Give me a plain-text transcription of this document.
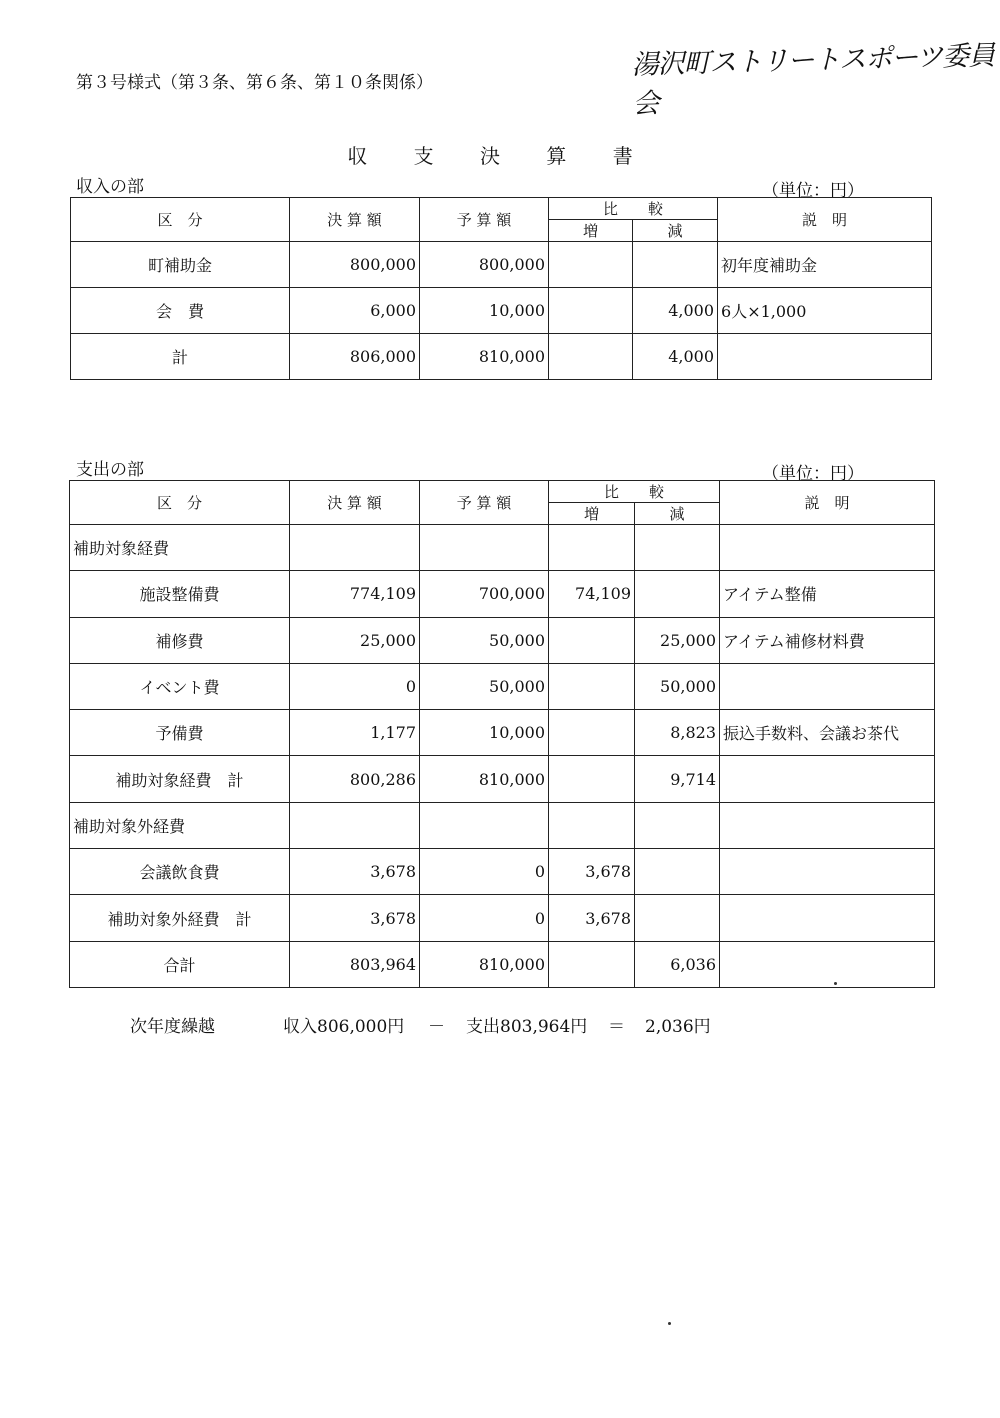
第３号様式（第３条、第６条、第１０条関係）
湯沢町ストリートスポーツ委員会
収 支 決 算 書
収入の部	（単位：円）
区　分	決 算 額	予 算 額	比　　較		説　明
			増	減	
町補助金	800,000	800,000			初年度補助金
会　費	6,000	10,000		4,000	6人×1,000
計	806,000	810,000		4,000	
支出の部	（単位：円）
区　分	決 算 額	予 算 額	比　　較		説　明
			増	減	
補助対象経費					
施設整備費	774,109	700,000	74,109		アイテム整備
補修費	25,000	50,000		25,000	アイテム補修材料費
イベント費	0	50,000		50,000	
予備費	1,177	10,000		8,823	振込手数料、会議お茶代
補助対象経費　計	800,286	810,000		9,714	
補助対象外経費					
会議飲食費	3,678	0	3,678		
補助対象外経費　計	3,678	0	3,678		
合計	803,964	810,000		6,036	
次年度繰越	収入806,000円 － 支出803,964円 ＝ 2,036円
